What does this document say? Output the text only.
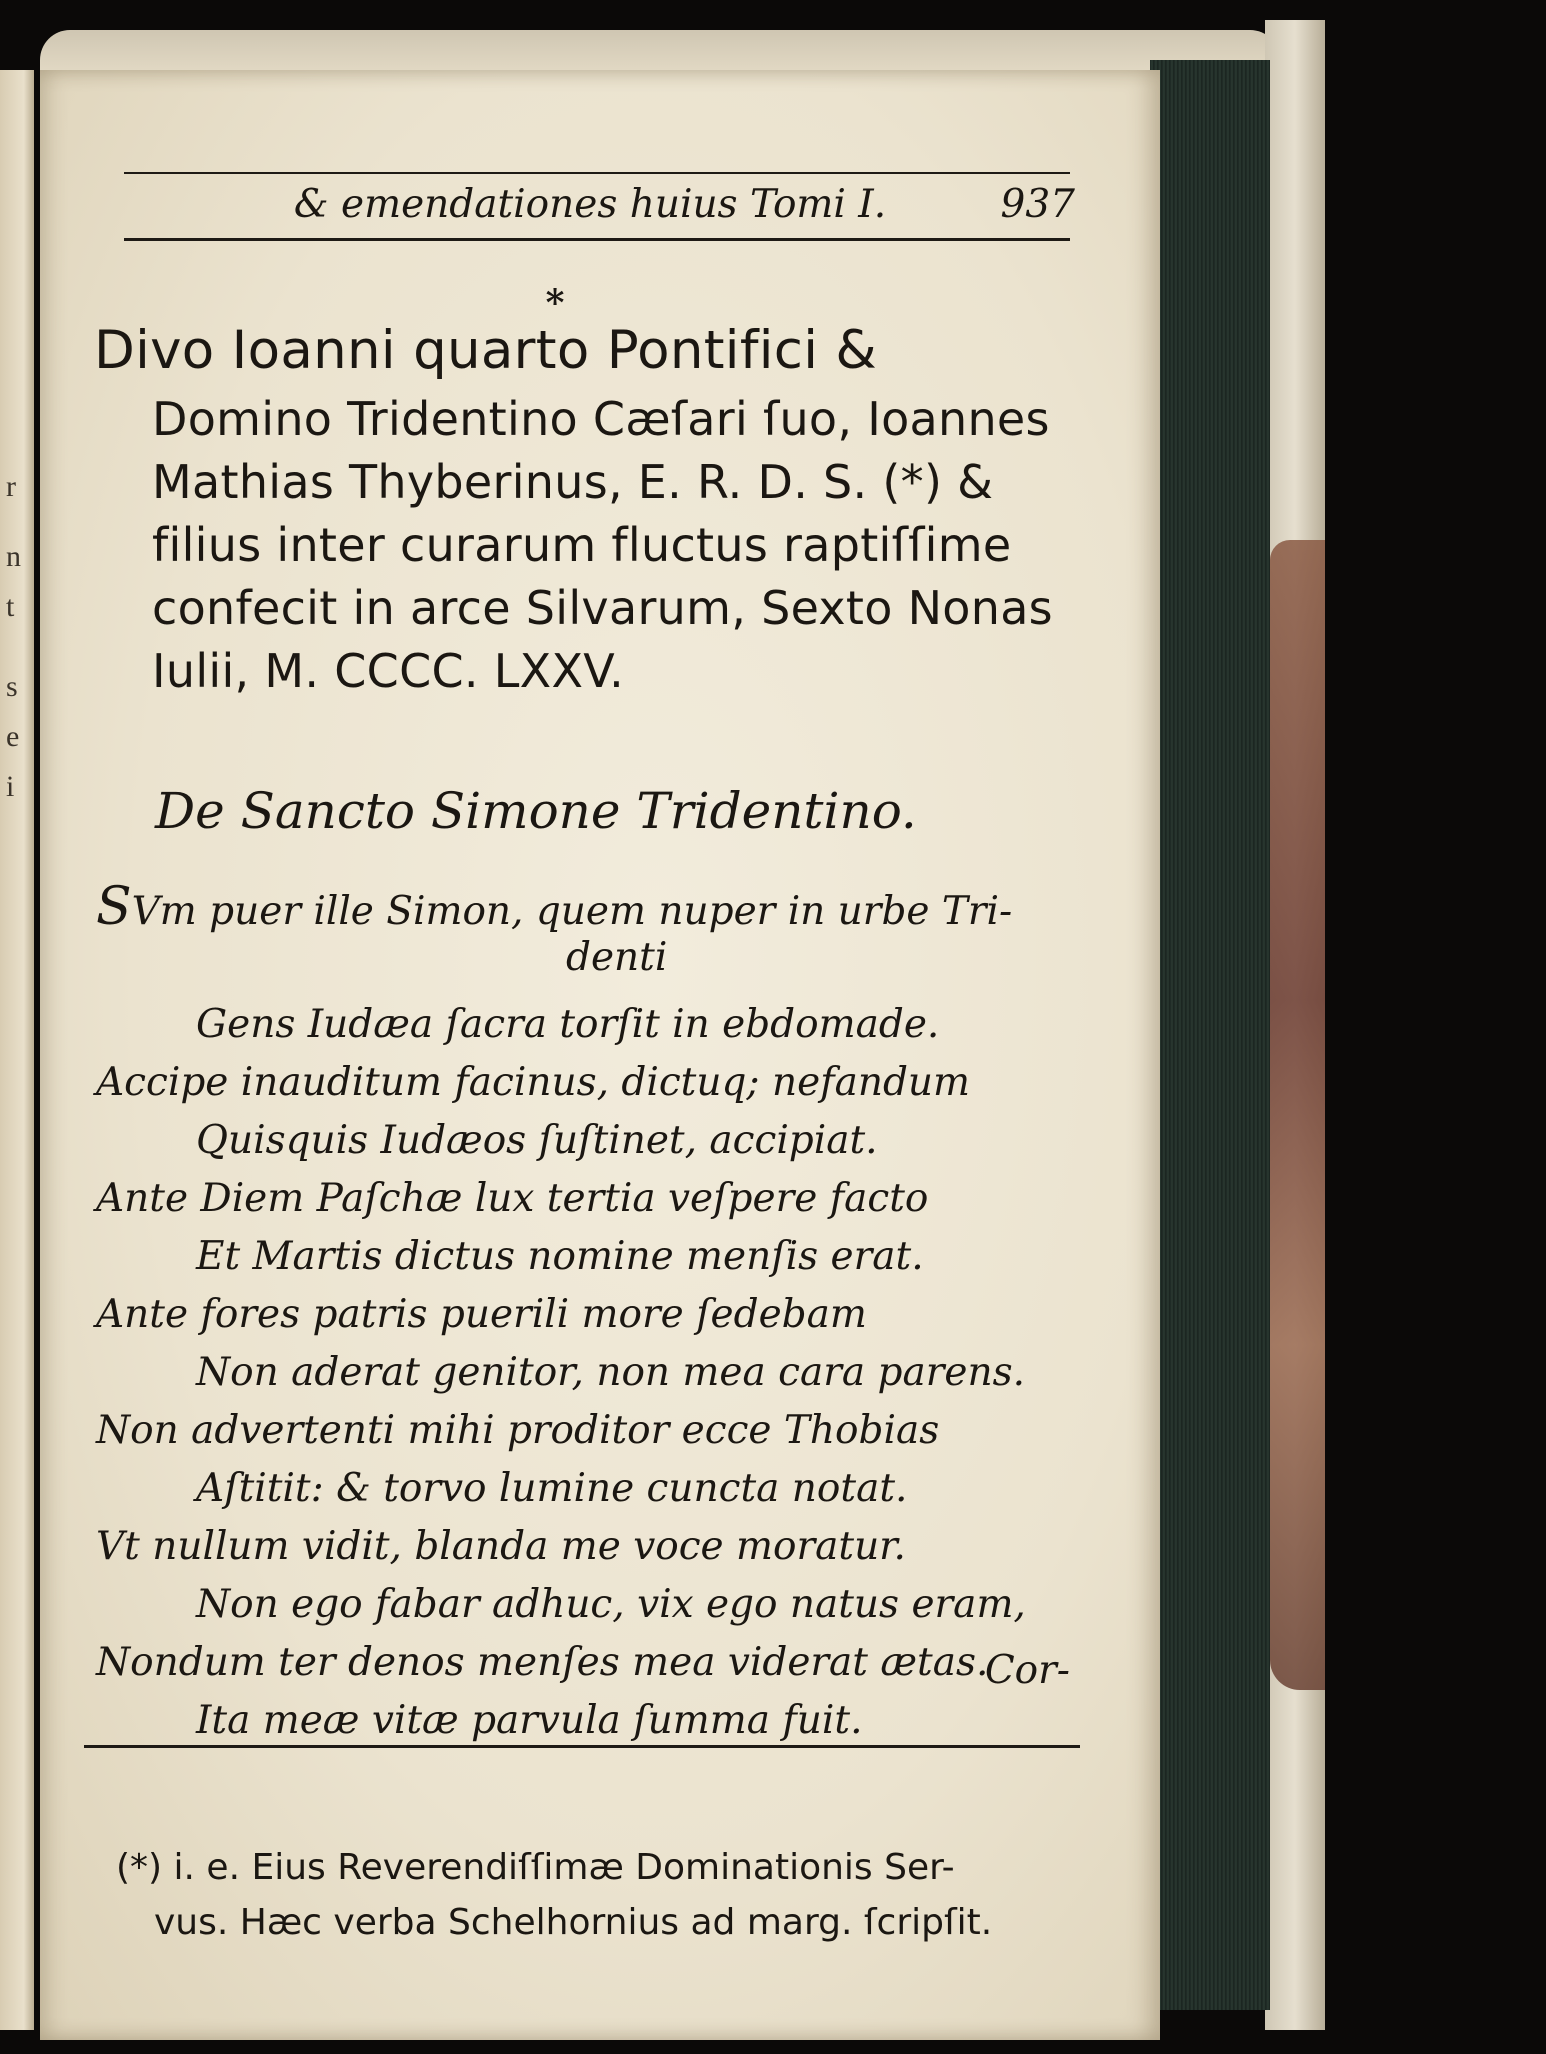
r
n
t
s
e
i
& emendationes huius Tomi I.	937
*
Divo Ioanni quarto Pontifici &
Domino Tridentino Cæſari ſuo, Ioannes
Mathias Thyberinus, E. R. D. S. (*) &
filius inter curarum fluctus raptiſſime
confecit in arce Silvarum, Sexto Nonas
Iulii, M. CCCC. LXXV.
De Sancto Simone Tridentino.
SVm puer ille Simon, quem nuper in urbe Tri-
denti
Gens Iudæa ſacra torſit in ebdomade.
Accipe inauditum facinus, dictuq; nefandum
Quisquis Iudæos ſuſtinet, accipiat.
Ante Diem Paſchæ lux tertia veſpere facto
Et Martis dictus nomine menſis erat.
Ante fores patris puerili more ſedebam
Non aderat genitor, non mea cara parens.
Non advertenti mihi proditor ecce Thobias
Aſtitit: & torvo lumine cuncta notat.
Vt nullum vidit, blanda me voce moratur.
Non ego fabar adhuc, vix ego natus eram,
Nondum ter denos menſes mea viderat ætas.
Ita meæ vitæ parvula ſumma fuit.
Cor-
(*) i. e. Eius Reverendiſſimæ Dominationis Ser-
vus. Hæc verba Schelhornius ad marg. ſcripſit.
